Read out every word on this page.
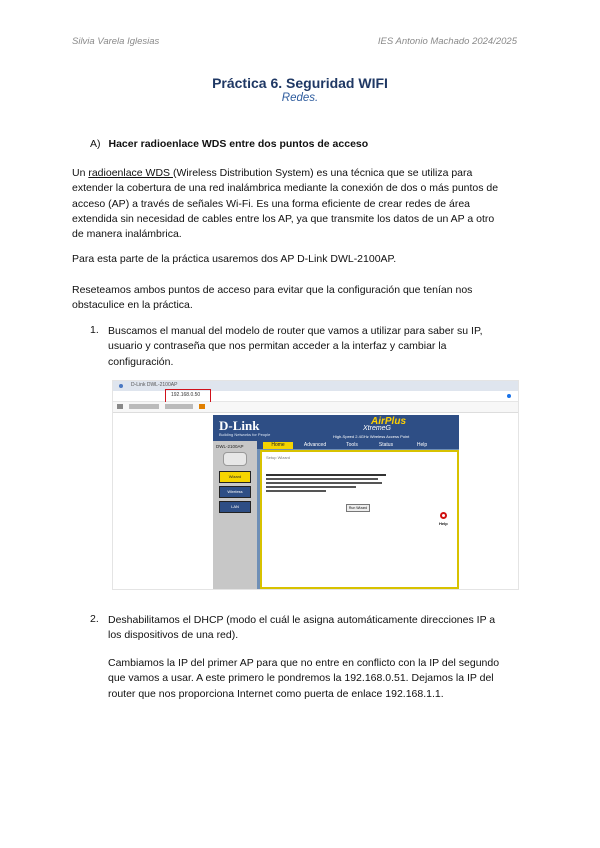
Silvia Varela Iglesias	IES Antonio Machado 2024/2025
Práctica 6. Seguridad WIFI
Redes.
A) Hacer radioenlace WDS entre dos puntos de acceso
Un radioenlace WDS (Wireless Distribution System) es una técnica que se utiliza para
extender la cobertura de una red inalámbrica mediante la conexión de dos o más puntos de
acceso (AP) a través de señales Wi-Fi. Es una forma eficiente de crear redes de área
extendida sin necesidad de cables entre los AP, ya que transmite los datos de un AP a otro
de manera inalámbrica.
Para esta parte de la práctica usaremos dos AP D-Link DWL-2100AP.
Reseteamos ambos puntos de acceso para evitar que la configuración que tenían nos
obstaculice en la práctica.
1. Buscamos el manual del modelo de router que vamos a utilizar para saber su IP,
usuario y contraseña que nos permitan acceder a la interfaz y cambiar la
configuración.
D-Link DWL-2100AP
192.168.0.50
D-Link
Building Networks for People
AirPlus
XtremeG
High-Speed 2.4GHz Wireless Access Point
DWL-2100AP
Wizard
Wireless
LAN
Home	Advanced	Tools	Status	Help
Setup Wizard
Run Wizard
Help
2. Deshabilitamos el DHCP (modo el cuál le asigna automáticamente direcciones IP a
los dispositivos de una red).
Cambiamos la IP del primer AP para que no entre en conflicto con la IP del segundo
que vamos a usar. A este primero le pondremos la 192.168.0.51. Dejamos la IP del
router que nos proporciona Internet como puerta de enlace 192.168.1.1.
